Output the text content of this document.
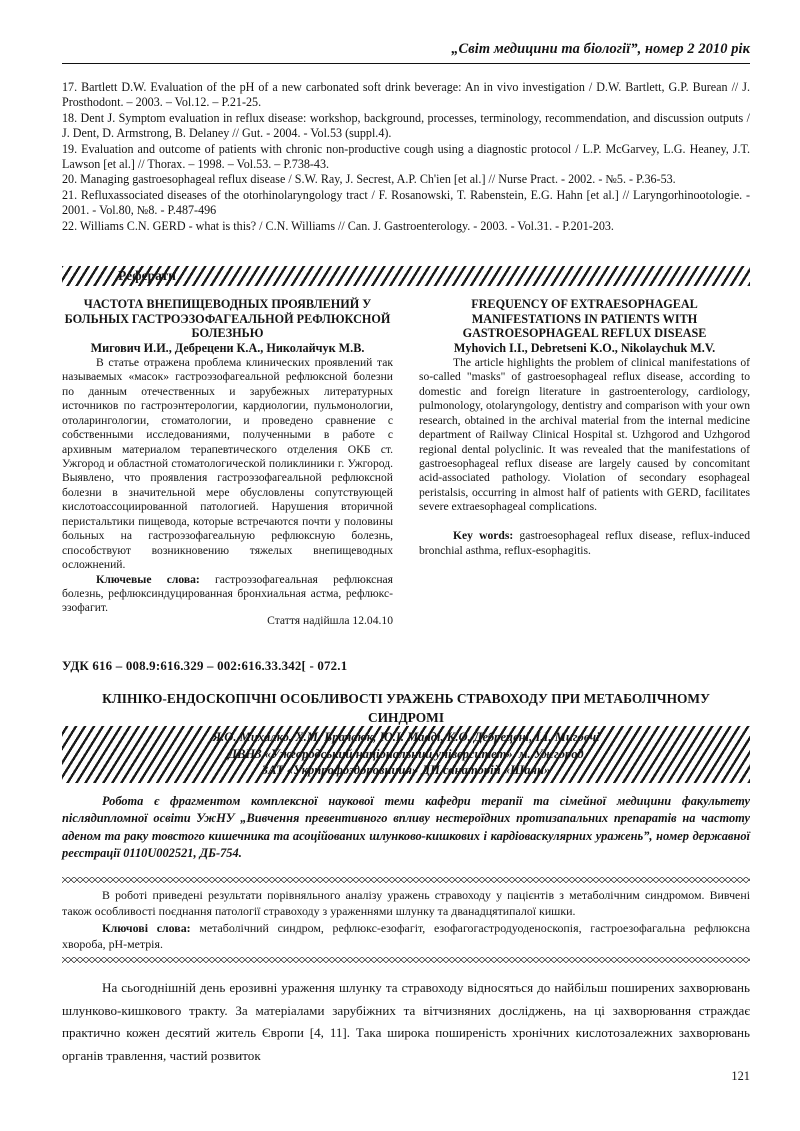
„Світ медицини та біології”, номер 2 2010 рік

17. Bartlett D.W. Evaluation of the pH of a new carbonated soft drink beverage: An in vivo investigation / D.W. Bartlett, G.P. Burean // J. Prosthodont. – 2003. – Vol.12. – P.21-25.

18. Dent J. Symptom evaluation in reflux disease: workshop, background, processes, terminology, recommendation, and discussion outputs / J. Dent, D. Armstrong, B. Delaney // Gut. - 2004. - Vol.53 (suppl.4).

19. Evaluation and outcome of patients with chronic non-productive cough using a diagnostic protocol / L.P. McGarvey, L.G. Heaney, J.T. Lawson [et al.] // Thorax. – 1998. – Vol.53. – P.738-43.

20. Managing gastroesophageal reflux disease / S.W. Ray, J. Secrest, A.P. Ch'ien [et al.] // Nurse Pract. - 2002. - №5. - P.36-53.

21. Refluxassociated diseases of the otorhinolaryngology tract / F. Rosanowski, T. Rabenstein, E.G. Hahn [et al.] // Laryngorhinootologie. - 2001. - Vol.80, №8. - P.487-496

22. Williams C.N. GERD - what is this? / C.N. Williams // Can. J. Gastroenterology. - 2003. - Vol.31. - P.201-203.

Реферати

ЧАСТОТА ВНЕПИЩЕВОДНЫХ ПРОЯВЛЕНИЙ У БОЛЬНЫХ ГАСТРОЭЗОФАГЕАЛЬНОЙ РЕФЛЮКСНОЙ БОЛЕЗНЬЮ

Мигович И.И., Дебрецени К.А., Николайчук М.В.

В статье отражена проблема клинических проявлений так называемых «масок» гастроэзофагеальной рефлюксной болезни по данным отечественных и зарубежных литературных источников по гастроэнтерологии, кардиологии, пульмонологии, отоларингологии, стоматологии, и проведено сравнение с собственными исследованиями, полученными в работе с архивным материалом терапевтического отделения ОКБ ст. Ужгород и областной стоматологической поликлиники г. Ужгород. Выявлено, что проявления гастроэзофагеальной рефлюксной болезни в значительной мере обусловлены сопутствующей кислотоассоциированной патологией. Нарушения вторичной перистальтики пищевода, которые встречаются почти у половины больных на гастроэзофагеальную рефлюксную болезнь, способствуют возникновению тяжелых внепищеводных осложнений.

Ключевые слова: гастроэзофагеальная рефлюксная болезнь, рефлюксиндуцированная бронхиальная астма, рефлюкс-эзофагит.

FREQUENCY OF EXTRAESOPHAGEAL MANIFESTATIONS IN PATIENTS WITH GASTROESOPHAGEAL REFLUX DISEASE

Myhovich I.I., Debretseni K.O., Nikolaychuk M.V.

The article highlights the problem of clinical manifestations of so-called "masks" of gastroesophageal reflux disease, according to domestic and foreign literature in gastroenterology, cardiology, pulmonology, otolaryngology, dentistry and comparison with your own research, obtained in the archival material from the internal medicine department of Railway Clinical Hospital st. Uzhgorod and Uzhgorod regional dental polyclinic. It was revealed that the manifestations of gastroesophageal reflux disease are largely caused by concomitant acid-associated pathology. Violation of secondary esophageal peristalsis, occurring in almost half of patients with GERD, facilitates severe extraesophageal complications.

Key words: gastroesophageal reflux disease, reflux-induced bronchial asthma, reflux-esophagitis.

Стаття надійшла 12.04.10
УДК 616 – 008.9:616.329 – 002:616.33.342[ - 072.1
КЛІНІКО-ЕНДОСКОПІЧНІ ОСОБЛИВОСТІ УРАЖЕНЬ СТРАВОХОДУ ПРИ МЕТАБОЛІЧНОМУ СИНДРОМІ
Я.О. Михалко, Х.М. Брачаюк, Ю.І. Мааді, К.О. Дебрецені, І.І. Миговчі
ДВНЗ «Ужгородський національний університет», м. Ужгород
ЗАТ «Укрпрофоздоровниця» ДП санаторій «Шаян»
Робота є фрагментом комплексної наукової теми кафедри терапії та сімейної медицини факультету післядипломної освіти УжНУ „Вивчення превентивного впливу нестероїдних протизапальних препаратів на частоту аденом та раку товстого кишечника та асоційованих шлунково-кишкових і кардіоваскулярних уражень”, номер державної реєстрації 0110U002521, ДБ-754.

В роботі приведені результати порівняльного аналізу уражень стравоходу у пацієнтів з метаболічним синдромом. Вивчені також особливості поєднання патології стравоходу з ураженнями шлунку та дванадцятипалої кишки.

Ключові слова: метаболічний синдром, рефлюкс-езофагіт, езофагогастродуоденоскопія, гастроезофагальна рефлюксна хвороба, рН-метрія.

На сьогоднішній день ерозивні ураження шлунку та стравоходу відносяться до найбільш поширених захворювань шлунково-кишкового тракту. За матеріалами зарубіжних та вітчизняних досліджень, на ці захворювання страждає практично кожен десятий житель Європи [4, 11]. Така широка поширеність хронічних кислотозалежних захворювань органів травлення, частий розвиток
121
